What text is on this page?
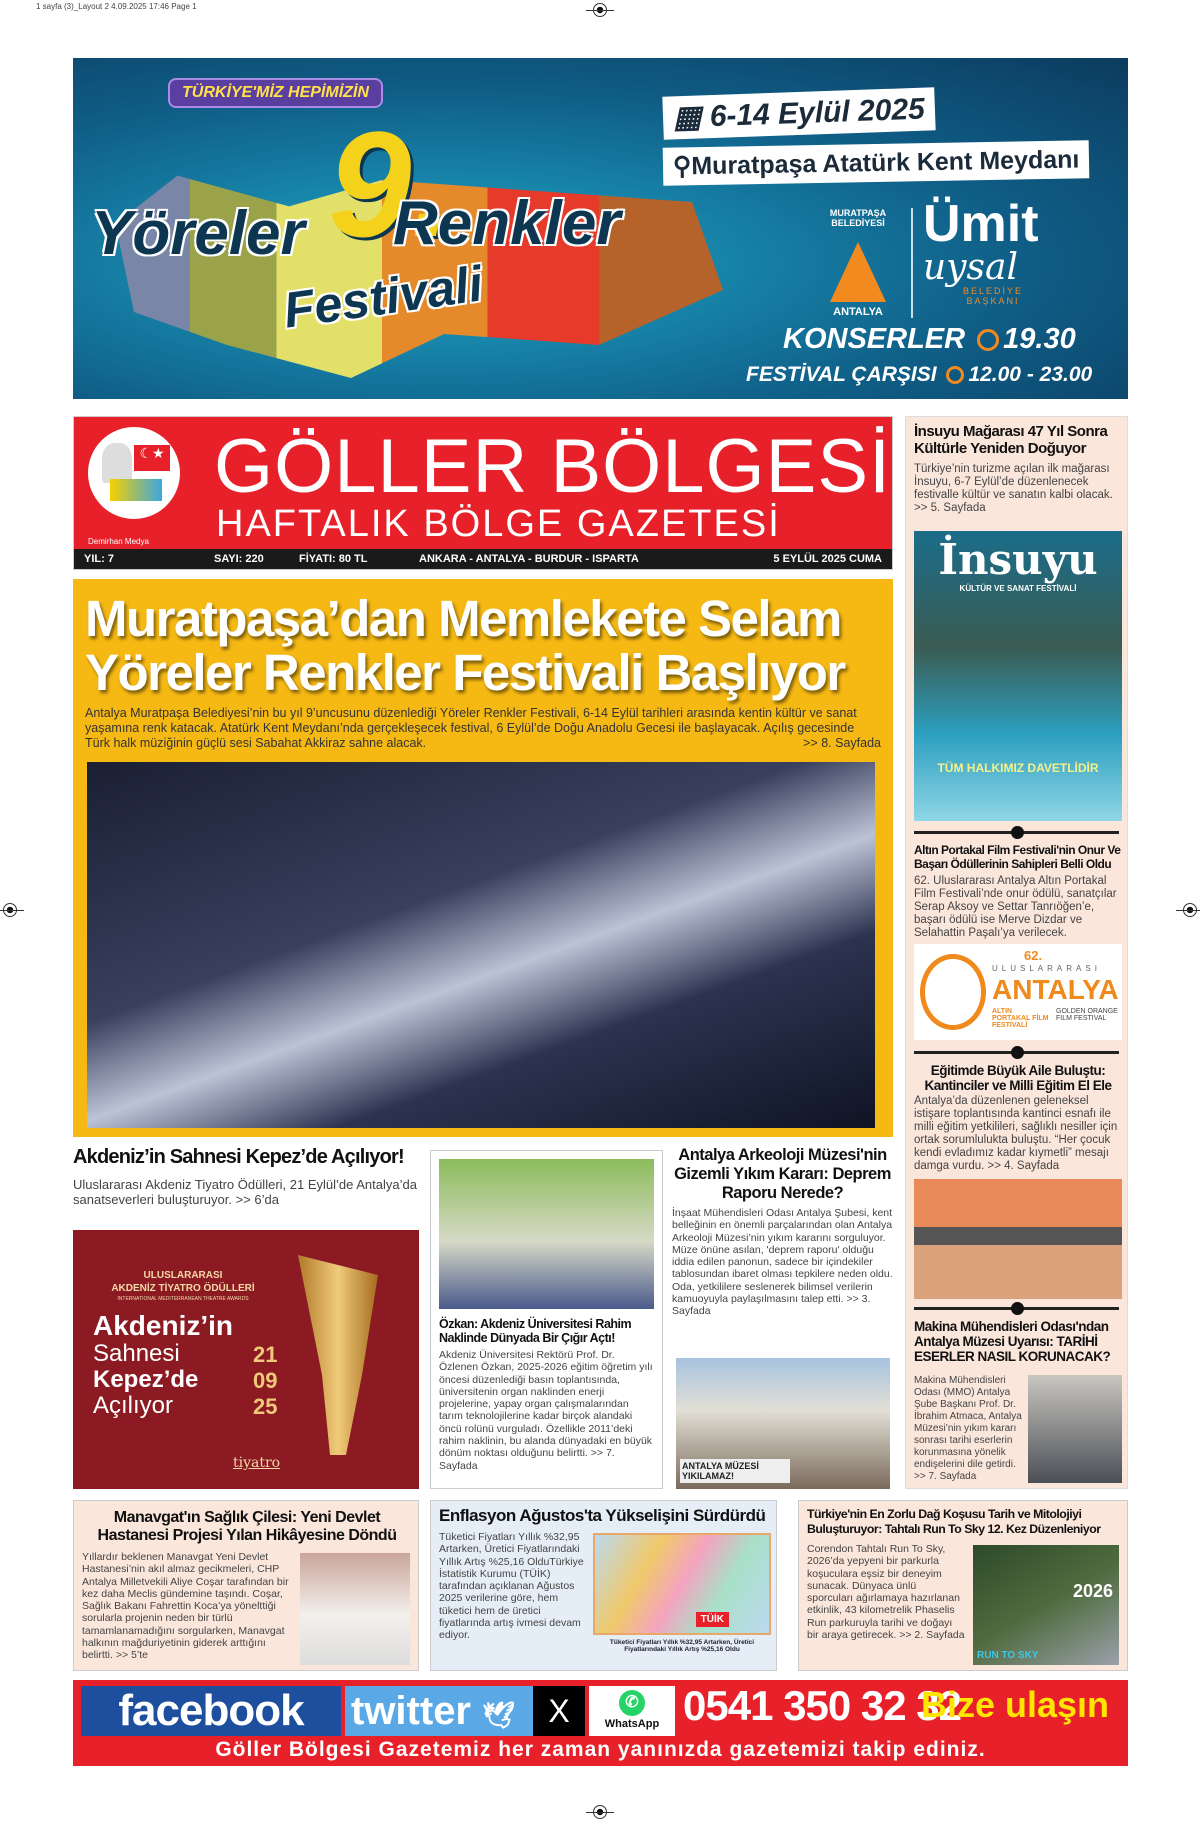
1 sayfa (3)_Layout 2 4.09.2025 17:46 Page 1
TÜRKİYE'MİZ HEPİMİZİN
9.
Yöreler Renkler
Festivali
▦ 6-14 Eylül 2025
⚲Muratpaşa Atatürk Kent Meydanı
MURATPAŞA BELEDİYESİ
ANTALYA
Ümit
uysal
BELEDİYE BAŞKANI
KONSERLER 19.30
FESTİVAL ÇARŞISI 12.00 - 23.00
☾★
Demirhan Medya
GÖLLER BÖLGESİ
HAFTALIK BÖLGE GAZETESİ
YIL: 7	SAYI: 220	FİYATI: 80 TL	ANKARA - ANTALYA - BURDUR - ISPARTA	5 EYLÜL 2025 CUMA
Muratpaşa’dan Memlekete Selam
Yöreler Renkler Festivali Başlıyor
Antalya Muratpaşa Belediyesi’nin bu yıl 9’uncusunu düzenlediği Yöreler Renkler Festivali, 6-14 Eylül tarihleri arasında kentin kültür ve sanat yaşamına renk katacak. Atatürk Kent Meydanı’nda gerçekleşecek festival, 6 Eylül’de Doğu Anadolu Gecesi ile başlayacak. Açılış gecesinde Türk halk müziğinin güçlü sesi Sabahat Akkiraz sahne alacak.	>> 8. Sayfada
İnsuyu Mağarası 47 Yıl Sonra Kültürle Yeniden Doğuyor
Türkiye’nin turizme açılan ilk mağarası İnsuyu, 6-7 Eylül’de düzenlenecek festivalle kültür ve sanatın kalbi olacak. >> 5. Sayfada
İnsuyu
KÜLTÜR VE SANAT FESTİVALİ
TÜM HALKIMIZ DAVETLİDİR
Altın Portakal Film Festivali'nin Onur Ve Başarı Ödüllerinin Sahipleri Belli Oldu
62. Uluslararası Antalya Altın Portakal Film Festivali’nde onur ödülü, sanatçılar Serap Aksoy ve Settar Tanrıöğen’e, başarı ödülü ise Merve Dizdar ve Selahattin Paşalı’ya verilecek.
62.
ULUSLARARASI
ANTALYA
ALTIN PORTAKAL FİLM FESTİVALİ
GOLDEN ORANGE FILM FESTIVAL
Eğitimde Büyük Aile Buluştu: Kantinciler ve Milli Eğitim El Ele
Antalya’da düzenlenen geleneksel istişare toplantısında kantinci esnafı ile milli eğitim yetkilileri, sağlıklı nesiller için ortak sorumlulukta buluştu. “Her çocuk kendi evladımız kadar kıymetli” mesajı damga vurdu. >> 4. Sayfada
Makina Mühendisleri Odası'ndan Antalya Müzesi Uyarısı: TARİHİ ESERLER NASIL KORUNACAK?
Makina Mühendisleri Odası (MMO) Antalya Şube Başkanı Prof. Dr. İbrahim Atmaca, Antalya Müzesi’nin yıkım kararı sonrası tarihi eserlerin korunmasına yönelik endişelerini dile getirdi. >> 7. Sayfada
Akdeniz’in Sahnesi Kepez’de Açılıyor!
Uluslararası Akdeniz Tiyatro Ödülleri, 21 Eylül’de Antalya’da sanatseverleri buluşturuyor. >> 6’da
ULUSLARARASI
AKDENİZ TİYATRO ÖDÜLLERİ
INTERNATIONAL MEDITERRANEAN THEATRE AWARDS
Akdeniz’in
Sahnesi
Kepez’de
Açılıyor
21
09
25
tiyatro
Özkan: Akdeniz Üniversitesi Rahim Naklinde Dünyada Bir Çığır Açtı!
Akdeniz Üniversitesi Rektörü Prof. Dr. Özlenen Özkan, 2025-2026 eğitim öğretim yılı öncesi düzenlediği basın toplantısında, üniversitenin organ naklinden enerji projelerine, yapay organ çalışmalarından tarım teknolojilerine kadar birçok alandaki öncü rolünü vurguladı. Özellikle 2011’deki rahim naklinin, bu alanda dünyadaki en büyük dönüm noktası olduğunu belirtti. >> 7. Sayfada
Antalya Arkeoloji Müzesi'nin Gizemli Yıkım Kararı: Deprem Raporu Nerede?
İnşaat Mühendisleri Odası Antalya Şubesi, kent belleğinin en önemli parçalarından olan Antalya Arkeoloji Müzesi’nin yıkım kararını sorguluyor. Müze önüne asılan, 'deprem raporu' olduğu iddia edilen panonun, sadece bir içindekiler tablosundan ibaret olması tepkilere neden oldu. Oda, yetkililere seslenerek bilimsel verilerin kamuoyuyla paylaşılmasını talep etti. >> 3. Sayfada
ANTALYA MÜZESİ YIKILAMAZ!
Manavgat'ın Sağlık Çilesi: Yeni Devlet Hastanesi Projesi Yılan Hikâyesine Döndü
Yıllardır beklenen Manavgat Yeni Devlet Hastanesi’nin akıl almaz gecikmeleri, CHP Antalya Milletvekili Aliye Coşar tarafından bir kez daha Meclis gündemine taşındı. Coşar, Sağlık Bakanı Fahrettin Koca’ya yönelttiği sorularla projenin neden bir türlü tamamlanamadığını sorgularken, Manavgat halkının mağduriyetinin giderek arttığını belirtti. >> 5’te
Enflasyon Ağustos'ta Yükselişini Sürdürdü
Tüketici Fiyatları Yıllık %32,95 Artarken, Üretici Fiyatlarındaki Yıllık Artış %25,16 OlduTürkiye İstatistik Kurumu (TÜİK) tarafından açıklanan Ağustos 2025 verilerine göre, hem tüketici hem de üretici fiyatlarında artış ivmesi devam ediyor.
TÜİK
Tüketici Fiyatları Yıllık %32,95 Artarken, Üretici Fiyatlarındaki Yıllık Artış %25,16 Oldu
Türkiye'nin En Zorlu Dağ Koşusu Tarih ve Mitolojiyi Buluşturuyor: Tahtalı Run To Sky 12. Kez Düzenleniyor
Corendon Tahtalı Run To Sky, 2026’da yepyeni bir parkurla koşuculara eşsiz bir deneyim sunacak. Dünyaca ünlü sporcuları ağırlamaya hazırlanan etkinlik, 43 kilometrelik Phaselis Run parkuruyla tarihi ve doğayı bir araya getirecek. >> 2. Sayfada
2026
RUN TO SKY
facebook	twitter 🕊	X	✆
WhatsApp 0541 350 32 32
Bize ulaşın
Göller Bölgesi Gazetemiz her zaman yanınızda gazetemizi takip ediniz.
